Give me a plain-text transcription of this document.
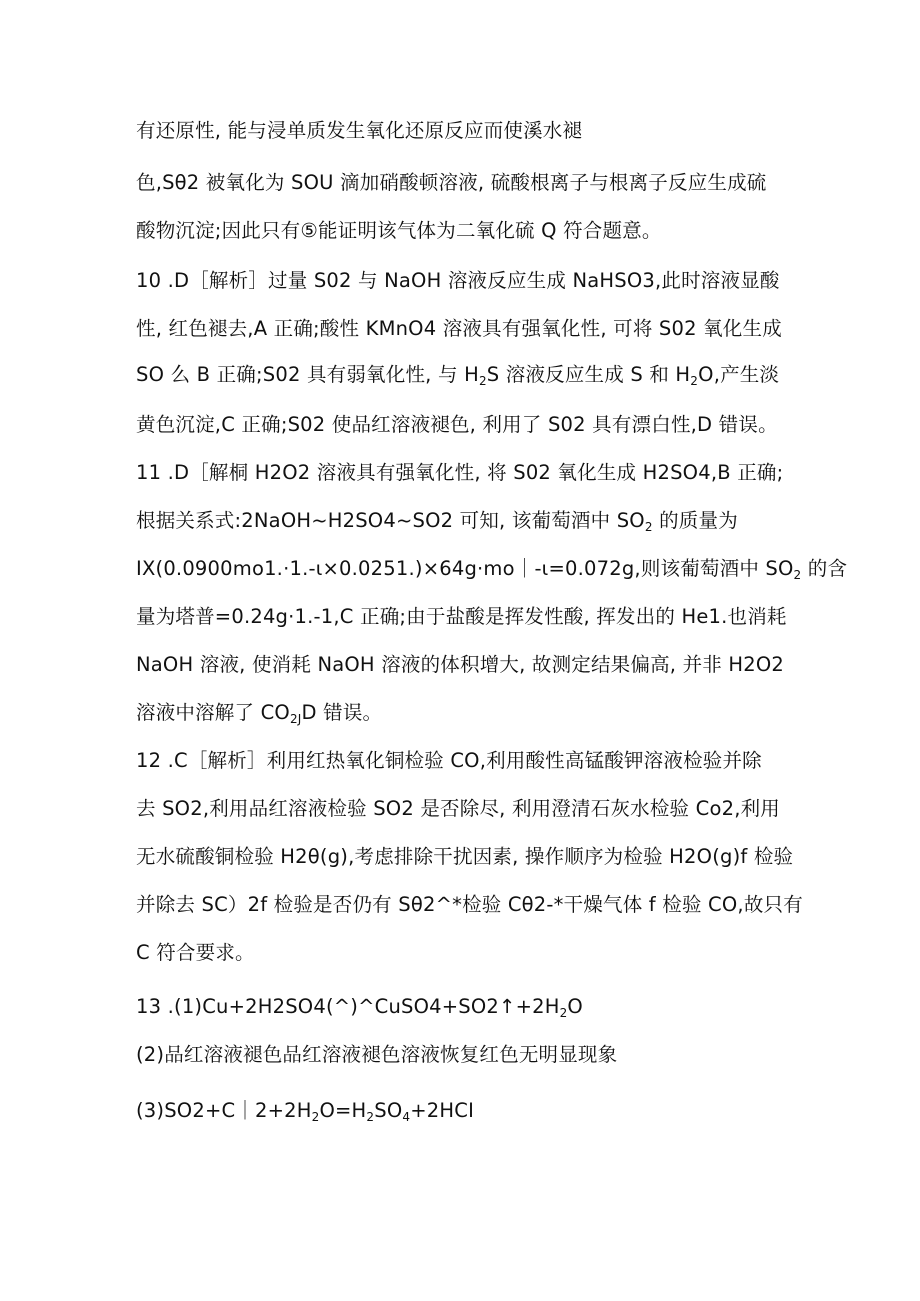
有还原性, 能与浸单质发生氧化还原反应而使溪水褪
色,Sθ2 被氧化为 SOU 滴加硝酸顿溶液, 硫酸根离子与根离子反应生成硫
酸物沉淀;因此只有⑤能证明该气体为二氧化硫 Q 符合题意。
10 .D［解析］过量 S02 与 NaOH 溶液反应生成 NaHSO3,此时溶液显酸
性, 红色褪去,A 正确;酸性 KMnO4 溶液具有强氧化性, 可将 S02 氧化生成
SO 么 B 正确;S02 具有弱氧化性, 与 $H_2S$ 溶液反应生成 S 和 $H_2O$,产生淡
黄色沉淀,C 正确;S02 使品红溶液褪色, 利用了 S02 具有漂白性,D 错误。
11 .D［解桐 H2O2 溶液具有强氧化性, 将 S02 氧化生成 H2SO4,B 正确;
根据关系式:2NaOH~H2SO4~SO2 可知, 该葡萄酒中 $SO_2$ 的质量为
IX(0.0900mo1.·1.-ι×0.0251.)×64g·mo｜-ι=0.072g,则该葡萄酒中 $SO_2$ 的含
量为塔普=0.24g·1.-1,C 正确;由于盐酸是挥发性酸, 挥发出的 He1.也消耗
NaOH 溶液, 使消耗 NaOH 溶液的体积增大, 故测定结果偏高, 并非 H2O2
溶液中溶解了 $CO_{2J}D$ 错误。
12 .C［解析］利用红热氧化铜检验 CO,利用酸性高锰酸钾溶液检验并除
去 SO2,利用品红溶液检验 SO2 是否除尽, 利用澄清石灰水检验 Co2,利用
无水硫酸铜检验 H2θ(g),考虑排除干扰因素, 操作顺序为检验 H2O(g)f 检验
并除去 SC）2f 检验是否仍有 Sθ2^*检验 Cθ2-*干燥气体 f 检验 CO,故只有
C 符合要求。
13 $.(1)Cu+2H2SO4(\^{})\^{}CuSO4+SO2↑+2H_2O$
(2)品红溶液褪色品红溶液褪色溶液恢复红色无明显现象
$(3)SO2+C|2+2H_2O=H_2SO_4+2HCI$
